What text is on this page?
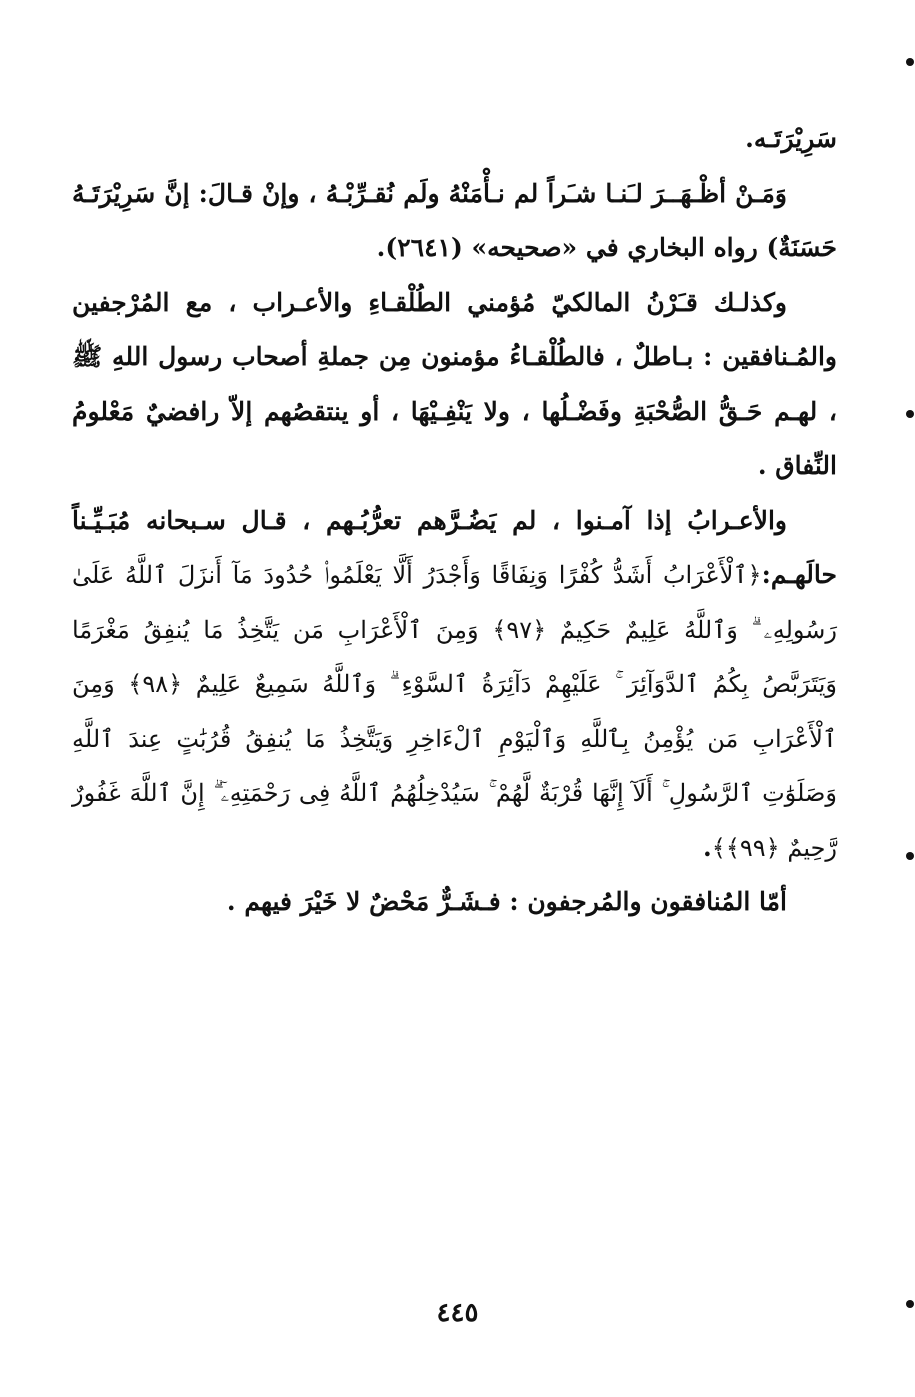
سَرِيْرَتَـه.

وَمَـنْ أظْـهَــرَ لـَنـا شـَراً لم نـأْمَنْهُ ولَم نُقـرِّبْـهُ ، وإنْ قـالَ: إنَّ سَرِيْرَتَـهُ حَسَنَةٌ) رواه البخاري في «صحيحه» (٢٦٤١).

وكذلـك قـَرْنُ المالكيّ مُؤمني الطُلْقـاءِ والأعـراب ، مع المُرْجفين والمُـنافقين : بـاطلٌ ، فالطُلْقـاءُ مؤمنون مِن جملةِ أصحاب رسول اللهِ ﷺ ، لهـم حَـقُّ الصُّحْبَةِ وفَضْـلُها ، ولا يَنْفِـيْهَا ، أو ينتقصُهم إلاّ رافضيٌ مَعْلومُ النِّفاق .

والأعـرابُ إذا آمـنوا ، لم يَضُـرَّهم تعرُّبُـهم ، قـال سـبحانه مُبَـيِّـناً حالَهـم:﴿ٱلْأَعْرَابُ أَشَدُّ كُفْرًا وَنِفَاقًا وَأَجْدَرُ أَلَّا يَعْلَمُوا۟ حُدُودَ مَآ أَنزَلَ ٱللَّهُ عَلَىٰ رَسُولِهِۦ ۗ وَٱللَّهُ عَلِيمٌ حَكِيمٌ ﴿٩٧﴾ وَمِنَ ٱلْأَعْرَابِ مَن يَتَّخِذُ مَا يُنفِقُ مَغْرَمًا وَيَتَرَبَّصُ بِكُمُ ٱلدَّوَآئِرَ ۚ عَلَيْهِمْ دَآئِرَةُ ٱلسَّوْءِ ۗ وَٱللَّهُ سَمِيعٌ عَلِيمٌ ﴿٩٨﴾ وَمِنَ ٱلْأَعْرَابِ مَن يُؤْمِنُ بِٱللَّهِ وَٱلْيَوْمِ ٱلْءَاخِرِ وَيَتَّخِذُ مَا يُنفِقُ قُرُبَٰتٍ عِندَ ٱللَّهِ وَصَلَوَٰتِ ٱلرَّسُولِ ۚ أَلَآ إِنَّهَا قُرْبَةٌ لَّهُمْ ۚ سَيُدْخِلُهُمُ ٱللَّهُ فِى رَحْمَتِهِۦٓ ۗ إِنَّ ٱللَّهَ غَفُورٌ رَّحِيمٌ ﴿٩٩﴾﴾.

أمّا المُنافقون والمُرجفون : فـشَـرٌّ مَحْضٌ لا خَيْرَ فيهم .

٤٤٥
